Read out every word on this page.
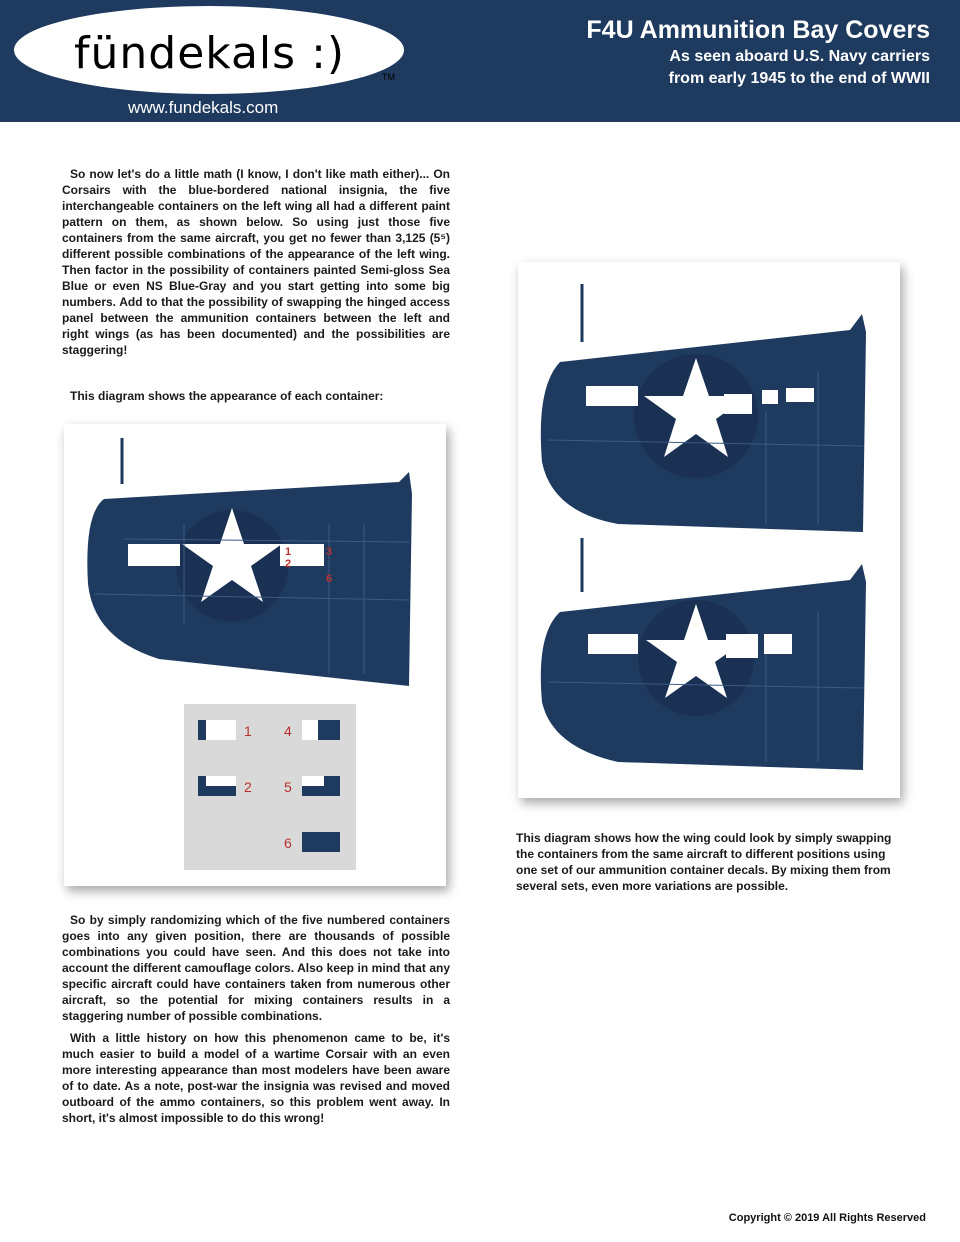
fündekals :)	TM
www.fundekals.com
F4U Ammunition Bay Covers
As seen aboard U.S. Navy carriers
from early 1945 to the end of WWII
So now let's do a little math (I know, I don't like math either)... On Corsairs with the blue-bordered national insignia, the five interchangeable containers on the left wing all had a different paint pattern on them, as shown below. So using just those five containers from the same aircraft, you get no fewer than 3,125 (5⁵) different possible combinations of the appearance of the left wing. Then factor in the possibility of containers painted Semi-gloss Sea Blue or even NS Blue-Gray and you start getting into some big numbers. Add to that the possibility of swapping the hinged access panel between the ammunition containers between the left and right wings (as has been documented) and the possibilities are staggering!
This diagram shows the appearance of each container:
1
2
3
6
1
2
4
5
6
So by simply randomizing which of the five numbered containers goes into any given position, there are thousands of possible combinations you could have seen. And this does not take into account the different camouflage colors. Also keep in mind that any specific aircraft could have containers taken from numerous other aircraft, so the potential for mixing containers results in a staggering number of possible combinations.
With a little history on how this phenomenon came to be, it's much easier to build a model of a wartime Corsair with an even more interesting appearance than most modelers have been aware of to date. As a note, post-war the insignia was revised and moved outboard of the ammo containers, so this problem went away. In short, it's almost impossible to do this wrong!
This diagram shows how the wing could look by simply swapping the containers from the same aircraft to different positions using one set of our ammunition container decals. By mixing them from several sets, even more variations are possible.
Copyright © 2019 All Rights Reserved
